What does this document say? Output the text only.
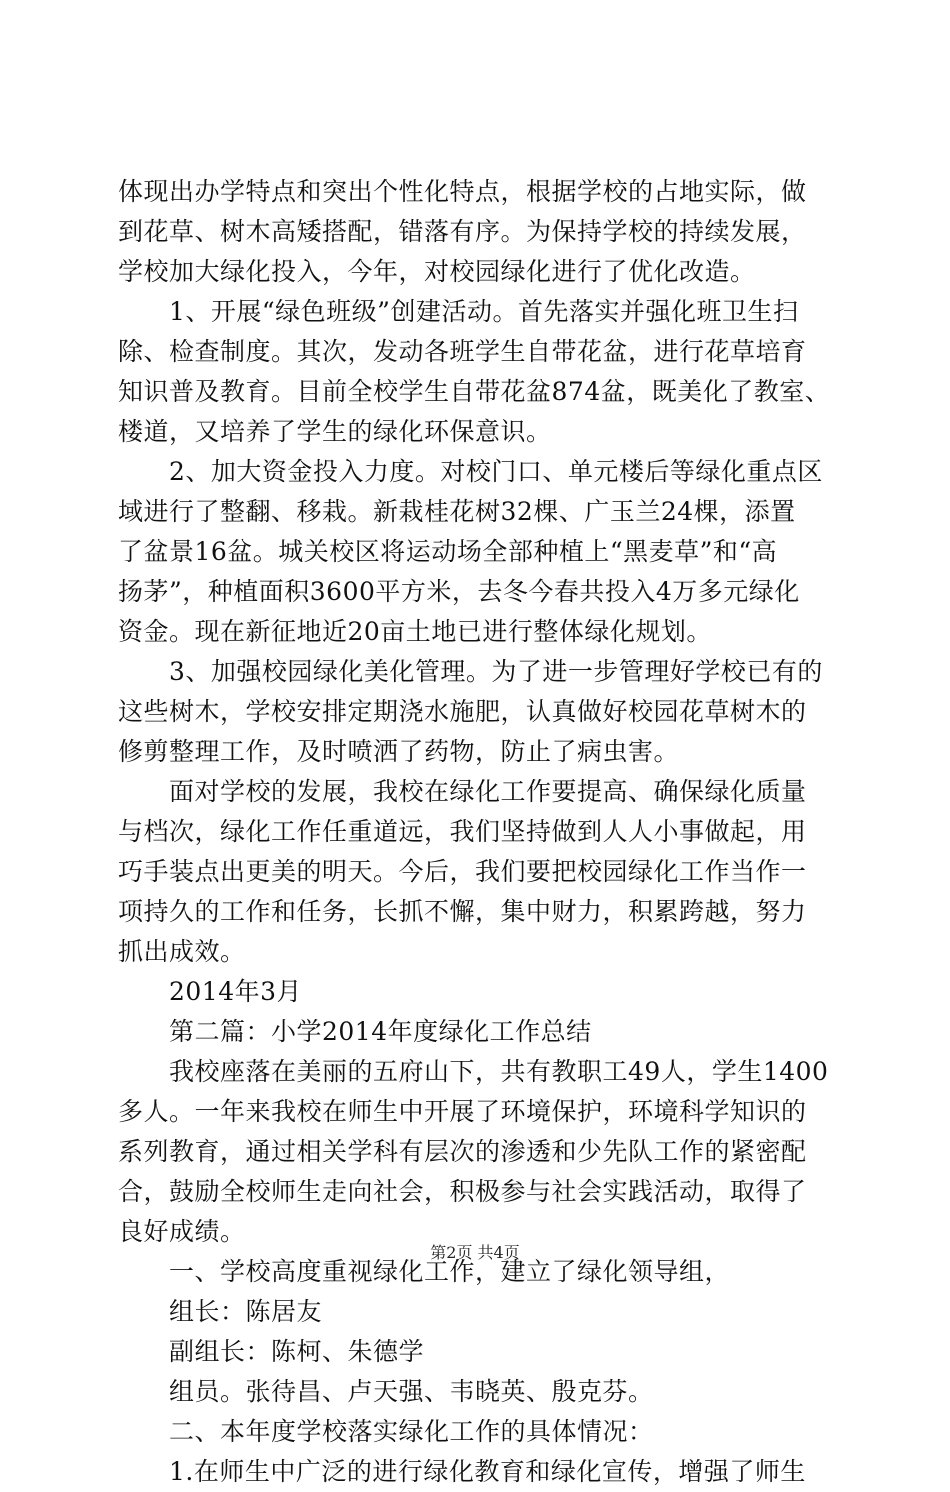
体现出办学特点和突出个性化特点，根据学校的占地实际，做
到花草、树木高矮搭配，错落有序。为保持学校的持续发展，
学校加大绿化投入，今年，对校园绿化进行了优化改造。
　　1、开展“绿色班级”创建活动。首先落实并强化班卫生扫
除、检查制度。其次，发动各班学生自带花盆，进行花草培育
知识普及教育。目前全校学生自带花盆874盆，既美化了教室、
楼道，又培养了学生的绿化环保意识。
　　2、加大资金投入力度。对校门口、单元楼后等绿化重点区
域进行了整翻、移栽。新栽桂花树32棵、广玉兰24棵，添置
了盆景16盆。城关校区将运动场全部种植上“黑麦草”和“高
扬茅”，种植面积3600平方米，去冬今春共投入4万多元绿化
资金。现在新征地近20亩土地已进行整体绿化规划。
　　3、加强校园绿化美化管理。为了进一步管理好学校已有的
这些树木，学校安排定期浇水施肥，认真做好校园花草树木的
修剪整理工作，及时喷洒了药物，防止了病虫害。
　　面对学校的发展，我校在绿化工作要提高、确保绿化质量
与档次，绿化工作任重道远，我们坚持做到人人小事做起，用
巧手装点出更美的明天。今后，我们要把校园绿化工作当作一
项持久的工作和任务，长抓不懈，集中财力，积累跨越，努力
抓出成效。
　　2014年3月
　　第二篇：小学2014年度绿化工作总结
　　我校座落在美丽的五府山下，共有教职工49人，学生1400
多人。一年来我校在师生中开展了环境保护，环境科学知识的
系列教育，通过相关学科有层次的渗透和少先队工作的紧密配
合，鼓励全校师生走向社会，积极参与社会实践活动，取得了
良好成绩。
　　一、学校高度重视绿化工作，建立了绿化领导组，
　　组长：陈居友
　　副组长：陈柯、朱德学
　　组员。张待昌、卢天强、韦晓英、殷克芬。
　　二、本年度学校落实绿化工作的具体情况：
　　1.在师生中广泛的进行绿化教育和绿化宣传，增强了师生
第2页 共4页
